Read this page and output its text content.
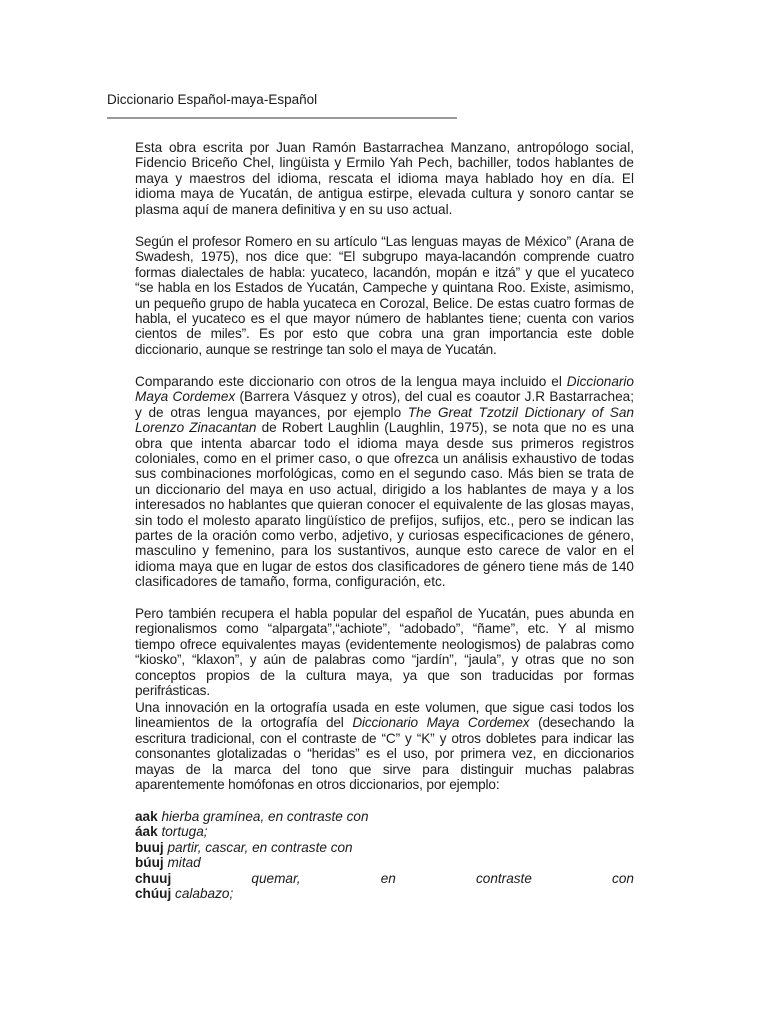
Diccionario Español-maya-Español

Esta obra escrita por Juan Ramón Bastarrachea Manzano, antropólogo social, Fidencio Briceño Chel, lingüista y Ermilo Yah Pech, bachiller, todos hablantes de maya y maestros del idioma, rescata el idioma maya hablado hoy en día. El idioma maya de Yucatán, de antigua estirpe, elevada cultura y sonoro cantar se plasma aquí de manera definitiva y en su uso actual.

Según el profesor Romero en su artículo “Las lenguas mayas de México” (Arana de Swadesh, 1975), nos dice que: “El subgrupo maya-lacandón comprende cuatro formas dialectales de habla: yucateco, lacandón, mopán e itzá” y que el yucateco “se habla en los Estados de Yucatán, Campeche y quintana Roo. Existe, asimismo, un pequeño grupo de habla yucateca en Corozal, Belice. De estas cuatro formas de habla, el yucateco es el que mayor número de hablantes tiene; cuenta con varios cientos de miles”. Es por esto que cobra una gran importancia este doble diccionario, aunque se restringe tan solo el maya de Yucatán.

Comparando este diccionario con otros de la lengua maya incluido el Diccionario Maya Cordemex (Barrera Vásquez y otros), del cual es coautor J.R Bastarrachea; y de otras lengua mayances, por ejemplo The Great Tzotzil Dictionary of San Lorenzo Zinacantan de Robert Laughlin (Laughlin, 1975), se nota que no es una obra que intenta abarcar todo el idioma maya desde sus primeros registros coloniales, como en el primer caso, o que ofrezca un análisis exhaustivo de todas sus combinaciones morfológicas, como en el segundo caso. Más bien se trata de un diccionario del maya en uso actual, dirigido a los hablantes de maya y a los interesados no hablantes que quieran conocer el equivalente de las glosas mayas, sin todo el molesto aparato lingüístico de prefijos, sufijos, etc., pero se indican las partes de la oración como verbo, adjetivo, y curiosas especificaciones de género, masculino y femenino, para los sustantivos, aunque esto carece de valor en el idioma maya que en lugar de estos dos clasificadores de género tiene más de 140 clasificadores de tamaño, forma, configuración, etc.

Pero también recupera el habla popular del español de Yucatán, pues abunda en regionalismos como “alpargata”,“achiote”, “adobado”, “ñame”, etc. Y al mismo tiempo ofrece equivalentes mayas (evidentemente neologismos) de palabras como “kiosko”, “klaxon”, y aún de palabras como “jardín”, “jaula”, y otras que no son conceptos propios de la cultura maya, ya que son traducidas por formas perifrásticas.

Una innovación en la ortografía usada en este volumen, que sigue casi todos los lineamientos de la ortografía del Diccionario Maya Cordemex (desechando la escritura tradicional, con el contraste de “C” y “K” y otros dobletes para indicar las consonantes glotalizadas o “heridas” es el uso, por primera vez, en diccionarios mayas de la marca del tono que sirve para distinguir muchas palabras aparentemente homófonas en otros diccionarios, por ejemplo:

aak hierba gramínea, en contraste con
áak tortuga;
buuj partir, cascar, en contraste con
búuj mitad
chuuj	quemar,	en	contraste	con
chúuj calabazo;
